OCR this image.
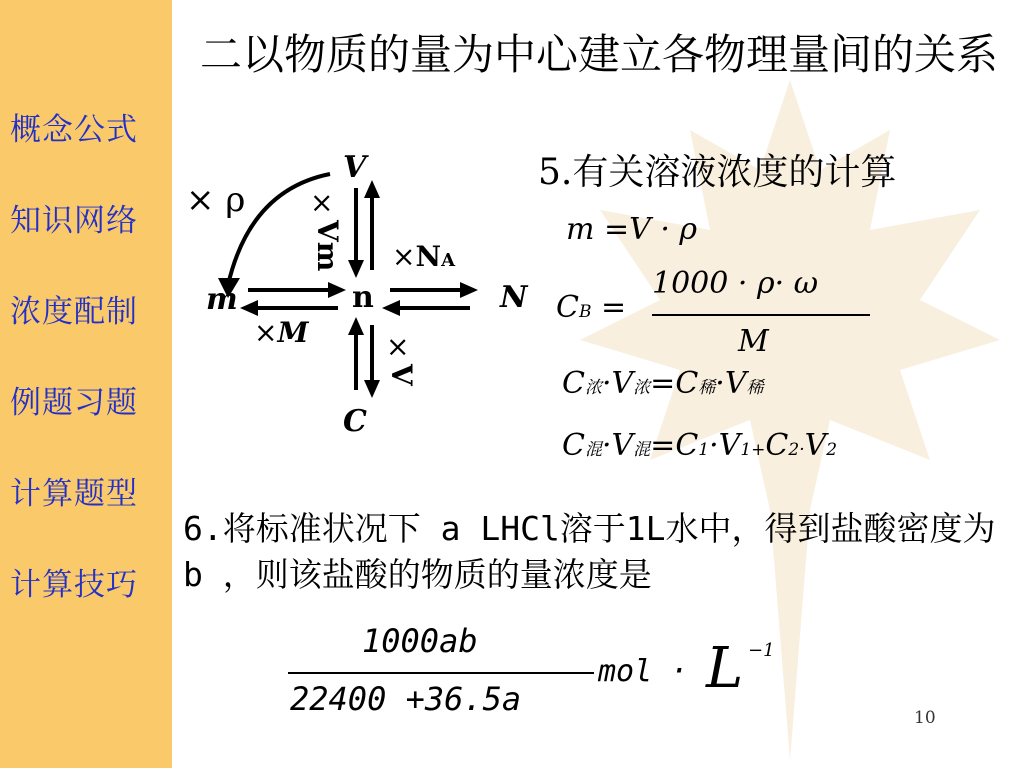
概念公式
知识网络
浓度配制
例题习题
计算题型
计算技巧
二以物质的量为中心建立各物理量间的关系
V
m	n	N
C
× ρ ×
Vm ×NA
×M	×
V
5.有关溶液浓度的计算
m =V · ρ
CB =
1000 · ρ· ω
M
C浓·V浓=C稀·V稀
C混·V混=C1·V1+C2·V2
6.将标准状况下 a LHCl溶于1L水中，得到盐酸密度为b ，则该盐酸的物质的量浓度是
1000ab
22400 +36.5a
mol · L −1
10
